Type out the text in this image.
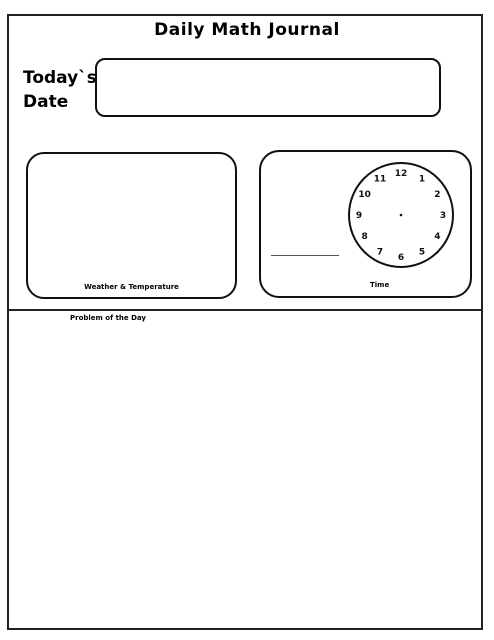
Daily Math Journal
Today`s
Date
Weather & Temperature
12
1
2
3
4
5
6
7
8
9
10
11
Time
Problem of the Day
